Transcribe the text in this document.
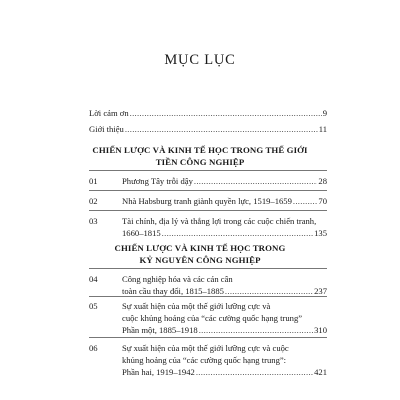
MỤC LỤC
Lời cảm ơn .....	9
Giới thiệu .....	11
CHIẾN LƯỢC VÀ KINH TẾ HỌC TRONG THẾ GIỚI
TIỀN CÔNG NGHIỆP
01	Phương Tây trỗi dậy .....	28
02	Nhà Habsburg tranh giành quyền lực, 1519–1659 .....	70
03	Tài chính, địa lý và thắng lợi trong các cuộc chiến tranh,
1660–1815 .....	135
CHIẾN LƯỢC VÀ KINH TẾ HỌC TRONG
KỶ NGUYÊN CÔNG NGHIỆP
04	Công nghiệp hóa và các cán cân
toàn cầu thay đổi, 1815–1885 .....	237
05	Sự xuất hiện của một thế giới lưỡng cực và
cuộc khủng hoảng của “các cường quốc hạng trung”
Phần một, 1885–1918 .....	310
06	Sự xuất hiện của một thế giới lưỡng cực và cuộc
khủng hoảng của “các cường quốc hạng trung”:
Phần hai, 1919–1942 .....	421
